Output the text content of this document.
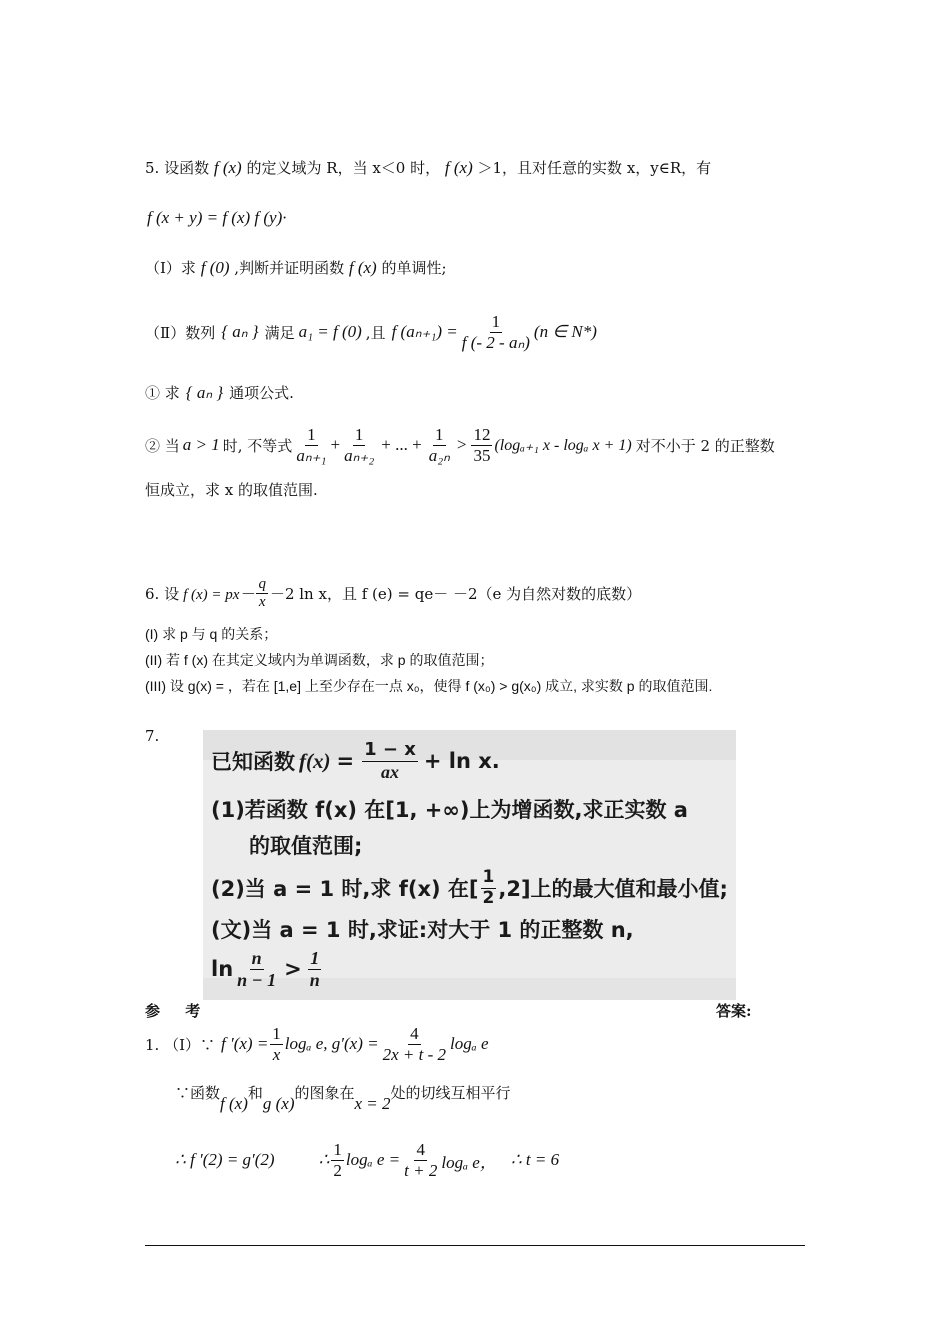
5. 设函数 f (x) 的定义域为 R，当 x＜0 时， f (x) ＞1，且对任意的实数 x，y∈R，有
f (x + y) = f (x) f (y)·
（Ⅰ）求 f (0) ,判断并证明函数 f (x) 的单调性;
（Ⅱ）数列 { aₙ } 满足 a₁ = f (0) ,且 f $(a_{n+1}) = \frac{1}{\text{f (- 2 - aₙ)}} (n$ ∈ N*)
① 求 { aₙ } 通项公式.
② 当 a > 1 时, 不等式 $\frac{1}{\text{aₙ₊₁}} + \frac{1}{\text{aₙ₊₂}}$ + ... + $\frac{1}{\text{a₂ₙ}} > \frac{12}{35} (\log_{a+1}$ x - logₐ x + 1) 对不小于 2 的正整数
恒成立，求 x 的取值范围.
6. 设 f $(x) = px- \frac{q}{x} -2$ ln x，且 f (e) = qe－ －2（e 为自然对数的底数）
(I) 求 p 与 q 的关系；
(II) 若 f (x) 在其定义域内为单调函数，求 p 的取值范围；
(III) 设 g(x) = ，若在 [1,e] 上至少存在一点 x₀，使得 f (x₀) > g(x₀) 成立, 求实数 p 的取值范围.
7.
已知函数 $f(x) = \frac{1 - x}{ax} + \ln x$.
(1)若函数 f(x) 在[1, +∞)上为增函数,求正实数 a
的取值范围;
(2)当 a = 1 时,求 f(x) 在[ $\frac{1}{2} ,2$]上的最大值和最小值;
(文)当 a = 1 时,求证:对大于 1 的正整数 n,
$\ln \frac{n}{n - 1} > \frac{1}{n}$
参 考	答案:
1. （Ⅰ）∵ f $'(x) = \frac{1}{x}$ logₐ e, $g'(x) = \frac{4}{2x + t - 2}$ logₐ e
∵函数
f (x)
和
g (x)
的图象在
x = 2
处的切线互相平行
∴ f ′(2) = g′(2)	∴ $\frac{1}{2}$ logₐ $e = \frac{4}{t + 2}$ logₐ e， ∴ t = 6
